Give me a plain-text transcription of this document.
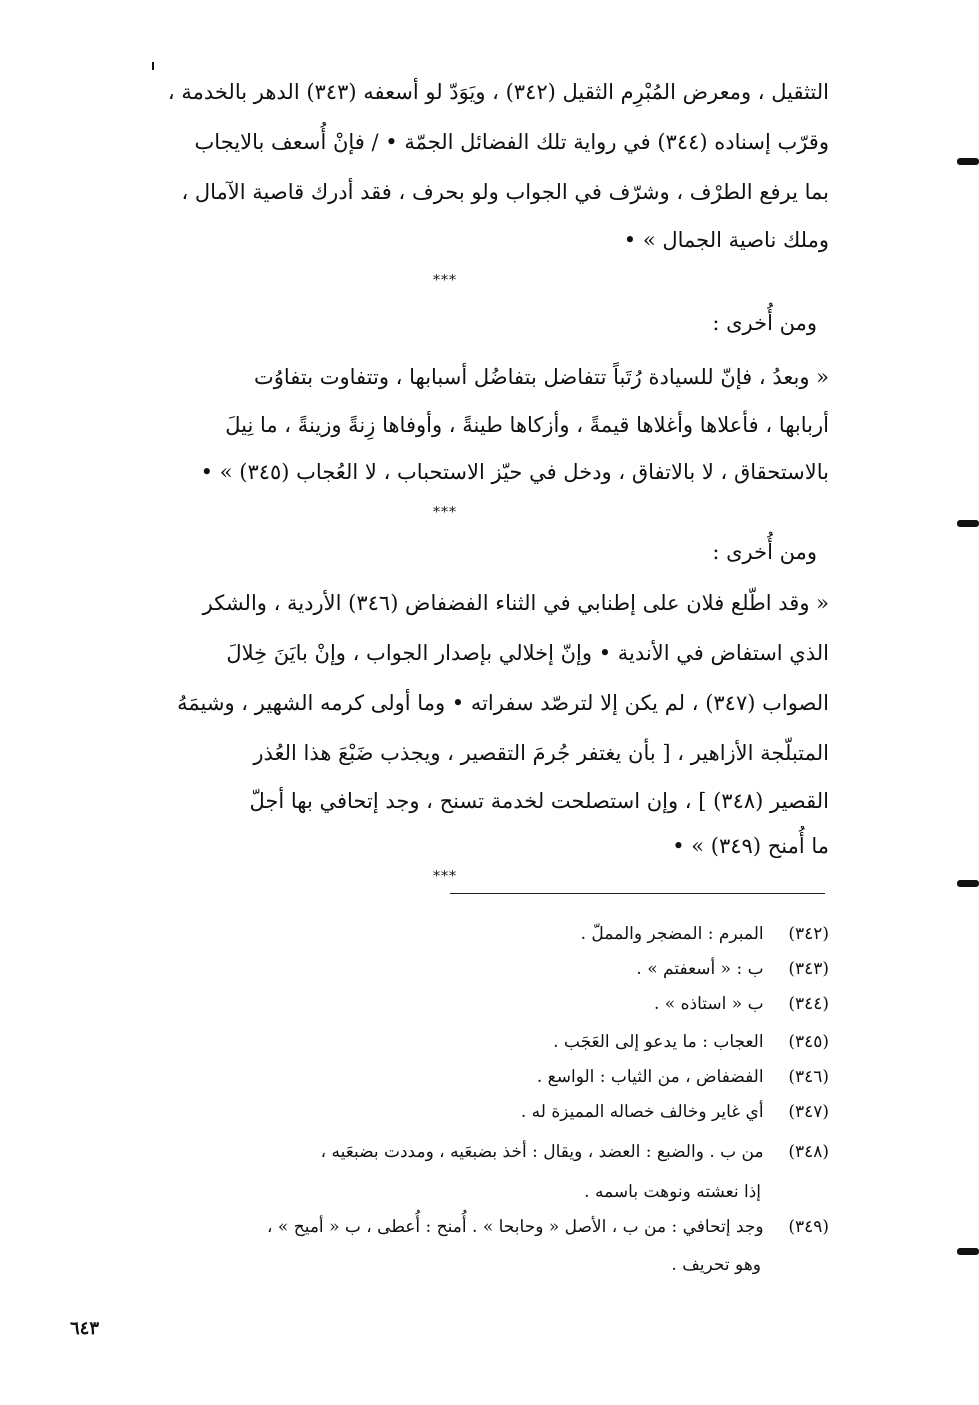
التثقيل ، ومعرض المُبْرِم الثقيل (٣٤٢) ، ويَوَدّ لو أسعفه (٣٤٣) الدهر بالخدمة ،
وقرّب إسناده (٣٤٤) في رواية تلك الفضائل الجمّة • / فإنْ أُسعف بالايجاب
بما يرفع الطرْف ، وشرّف في الجواب ولو بحرف ، فقد أدرك قاصية الآمال ،
وملك ناصية الجمال » •
⁎⁎⁎
ومن أُخرى :
« وبعدُ ، فإنّ للسيادة رُتَباً تتفاضل بتفاضُل أسبابها ، وتتفاوت بتفاوُت
أربابها ، فأعلاها وأغلاها قيمةً ، وأزكاها طينةً ، وأوفاها زِنةً وزينةً ، ما نِيلَ
بالاستحقاق ، لا بالاتفاق ، ودخل في حيّز الاستحباب ، لا العُجاب (٣٤٥) » •
⁎⁎⁎
ومن أُخرى :
« وقد اطّلع فلان على إطنابي في الثناء الفضفاض (٣٤٦) الأردية ، والشكر
الذي استفاض في الأندية • وإنّ إخلالي بإصدار الجواب ، وإنْ بايَنَ خِلالَ
الصواب (٣٤٧) ، لم يكن إلا لترصّد سفراته • وما أولى كرمه الشهير ، وشيمَهُ
المتبلّجة الأزاهير ، [ بأن يغتفر جُرمَ التقصير ، ويجذب ضَبْعَ هذا العُذر
القصير (٣٤٨) ] ، وإن استصلحت لخدمة تسنح ، وجد إتحافي بها أجلّ
ما أُمنح (٣٤٩) » •
⁎⁎⁎
(٣٤٢) المبرم : المضجر والمملّ .
(٣٤٣) ب : « أسعفتم » .
(٣٤٤) ب « استاذه » .
(٣٤٥) العجاب : ما يدعو إلى العَجَب .
(٣٤٦) الفضفاض ، من الثياب : الواسع .
(٣٤٧) أي غاير وخالف خصاله المميزة له .
(٣٤٨) من ب . والضبع : العضد ، ويقال : أخذ بضبعَيه ، ومددت بضبعَيه ،
إذا نعشته ونوهت باسمه .
(٣٤٩) وجد إتحافي : من ب ، الأصل « وحابحا » . أُمنح : أُعطى ، ب « أميح » ،
وهو تحريف .
٦٤٣
